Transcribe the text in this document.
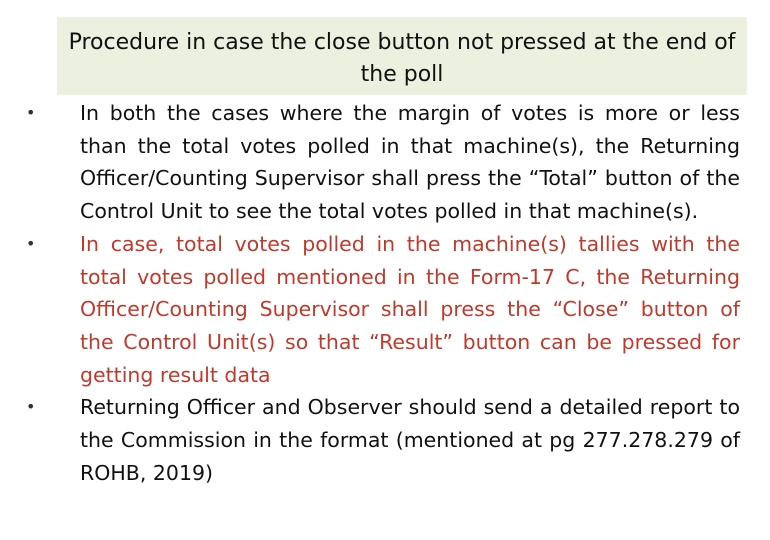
Procedure in case the close button not pressed at the end of the poll
•	In both the cases where the margin of votes is more or less than the total votes polled in that machine(s), the Returning Officer/Counting Supervisor shall press the “Total” button of the Control Unit to see the total votes polled in that machine(s).
•	In case, total votes polled in the machine(s) tallies with the total votes polled mentioned in the Form-17 C, the Returning Officer/Counting Supervisor shall press the “Close” button of the Control Unit(s) so that “Result” button can be pressed for getting result data
•	Returning Officer and Observer should send a detailed report to the Commission in the format (mentioned at pg 277.278.279 of ROHB, 2019)
